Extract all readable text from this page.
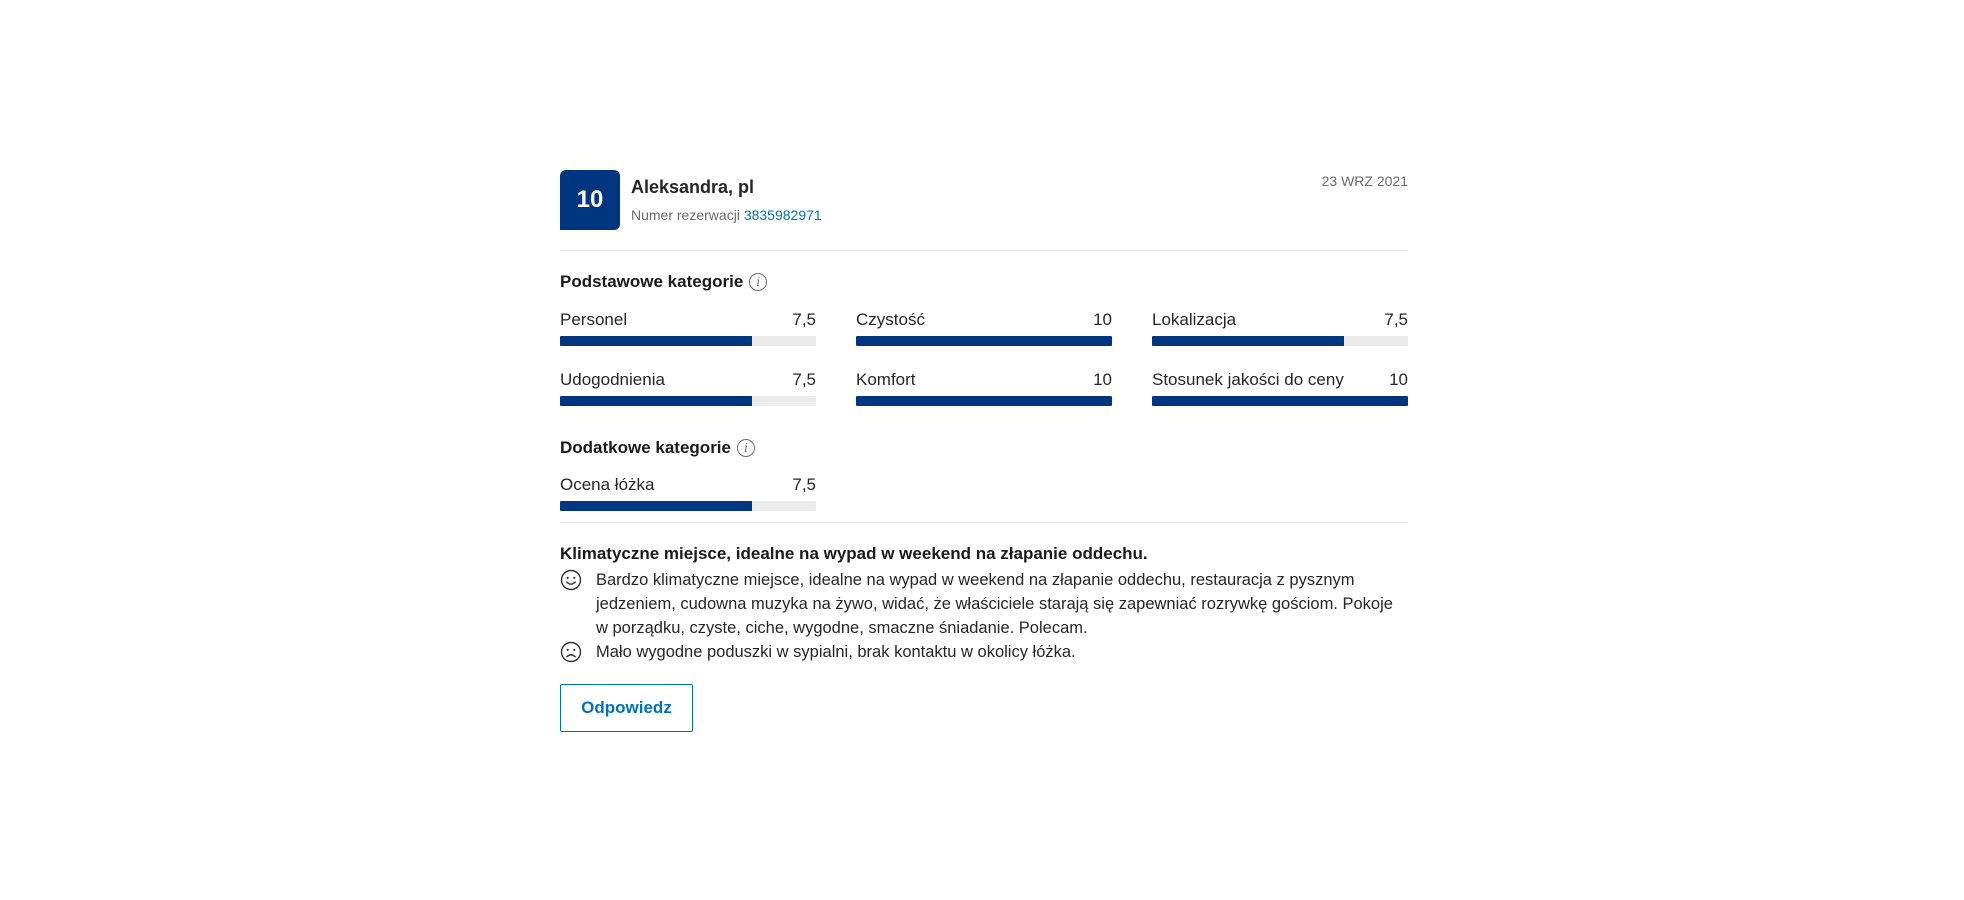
10	Aleksandra, pl
Numer rezerwacji 3835982971
23 WRZ 2021
Podstawowe kategorie	i
Personel	7,5 Czystość	10 Lokalizacja	7,5
Udogodnienia	7,5 Komfort	10 Stosunek jakości do ceny	10
Dodatkowe kategorie	i
Ocena łóżka	7,5
Klimatyczne miejsce, idealne na wypad w weekend na złapanie oddechu.
Bardzo klimatyczne miejsce, idealne na wypad w weekend na złapanie oddechu, restauracja z pysznym jedzeniem, cudowna muzyka na żywo, widać, że właściciele starają się zapewniać rozrywkę gościom. Pokoje w porządku, czyste, ciche, wygodne, smaczne śniadanie. Polecam.
Mało wygodne poduszki w sypialni, brak kontaktu w okolicy łóżka.
Odpowiedz
